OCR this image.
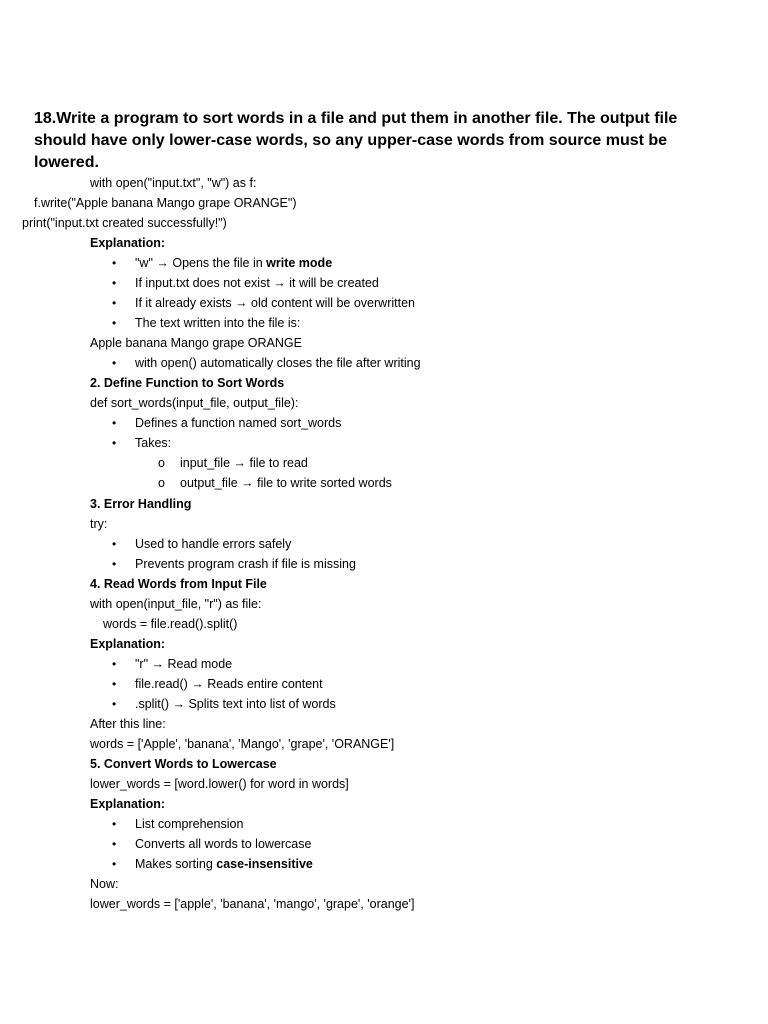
18.Write a program to sort words in a file and put them in another file. The output file should have only lower-case words, so any upper-case words from source must be lowered.

with open("input.txt", "w") as f:
f.write("Apple banana Mango grape ORANGE")
print("input.txt created successfully!")
Explanation:
• "w" → Opens the file in write mode
• If input.txt does not exist → it will be created
• If it already exists → old content will be overwritten
• The text written into the file is:
Apple banana Mango grape ORANGE
• with open() automatically closes the file after writing
2. Define Function to Sort Words
def sort_words(input_file, output_file):
• Defines a function named sort_words
• Takes:
o input_file → file to read
o output_file → file to write sorted words
3. Error Handling
try:
• Used to handle errors safely
• Prevents program crash if file is missing
4. Read Words from Input File
with open(input_file, "r") as file:
words = file.read().split()
Explanation:
• "r" → Read mode
• file.read() → Reads entire content
• .split() → Splits text into list of words
After this line:
words = ['Apple', 'banana', 'Mango', 'grape', 'ORANGE']
5. Convert Words to Lowercase
lower_words = [word.lower() for word in words]
Explanation:
• List comprehension
• Converts all words to lowercase
• Makes sorting case-insensitive
Now:
lower_words = ['apple', 'banana', 'mango', 'grape', 'orange']
